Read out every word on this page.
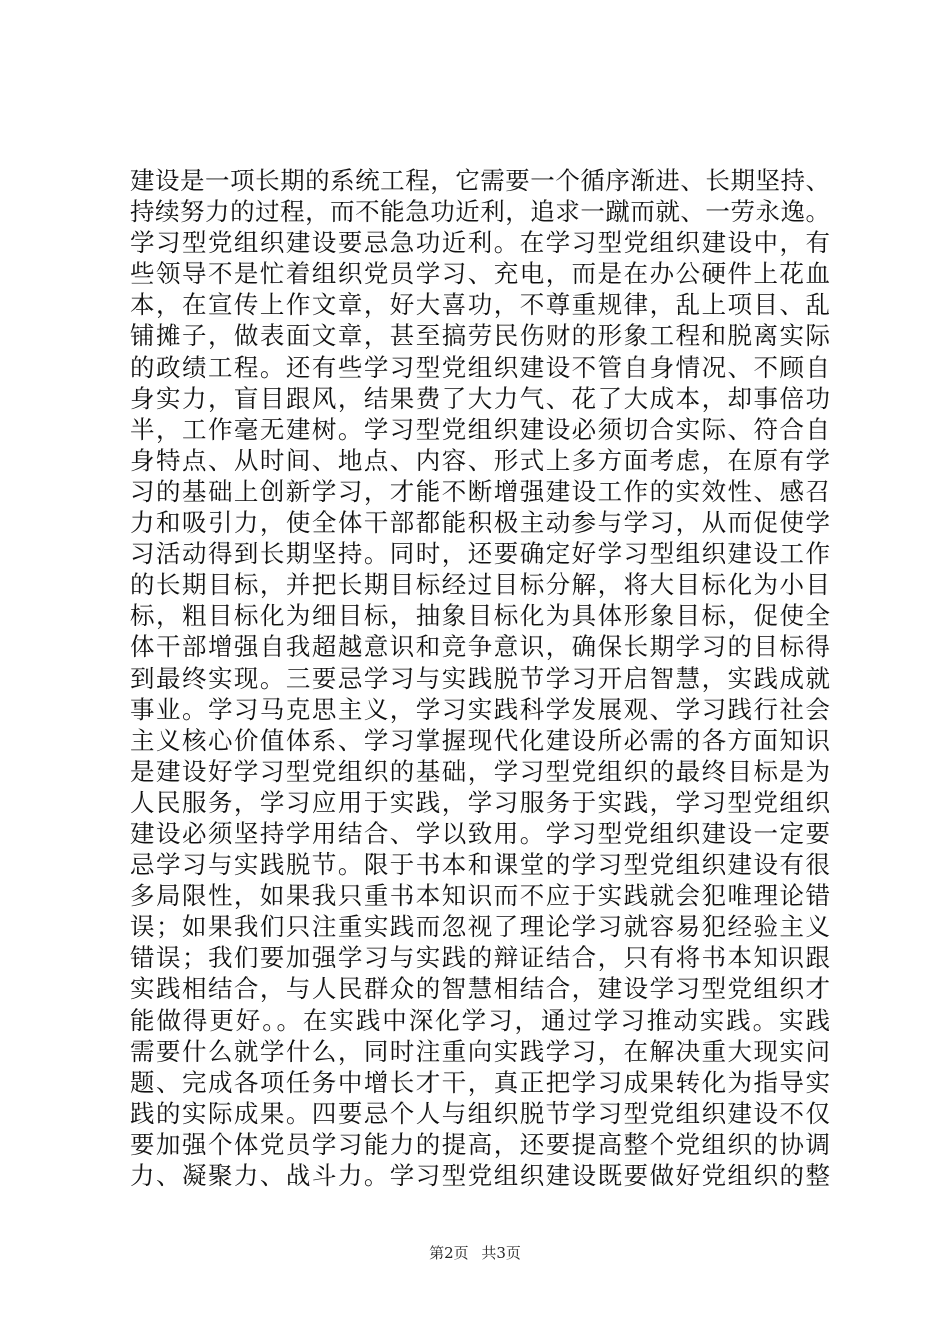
建设是一项长期的系统工程，它需要一个循序渐进、长期坚持、
持续努力的过程，而不能急功近利，追求一蹴而就、一劳永逸。
学习型党组织建设要忌急功近利。在学习型党组织建设中，有
些领导不是忙着组织党员学习、充电，而是在办公硬件上花血
本，在宣传上作文章，好大喜功，不尊重规律，乱上项目、乱
铺摊子，做表面文章，甚至搞劳民伤财的形象工程和脱离实际
的政绩工程。还有些学习型党组织建设不管自身情况、不顾自
身实力，盲目跟风，结果费了大力气、花了大成本，却事倍功
半，工作毫无建树。学习型党组织建设必须切合实际、符合自
身特点、从时间、地点、内容、形式上多方面考虑，在原有学
习的基础上创新学习，才能不断增强建设工作的实效性、感召
力和吸引力，使全体干部都能积极主动参与学习，从而促使学
习活动得到长期坚持。同时，还要确定好学习型组织建设工作
的长期目标，并把长期目标经过目标分解，将大目标化为小目
标，粗目标化为细目标，抽象目标化为具体形象目标，促使全
体干部增强自我超越意识和竞争意识，确保长期学习的目标得
到最终实现。三要忌学习与实践脱节学习开启智慧，实践成就
事业。学习马克思主义，学习实践科学发展观、学习践行社会
主义核心价值体系、学习掌握现代化建设所必需的各方面知识
是建设好学习型党组织的基础，学习型党组织的最终目标是为
人民服务，学习应用于实践，学习服务于实践，学习型党组织
建设必须坚持学用结合、学以致用。学习型党组织建设一定要
忌学习与实践脱节。限于书本和课堂的学习型党组织建设有很
多局限性，如果我只重书本知识而不应于实践就会犯唯理论错
误；如果我们只注重实践而忽视了理论学习就容易犯经验主义
错误；我们要加强学习与实践的辩证结合，只有将书本知识跟
实践相结合，与人民群众的智慧相结合，建设学习型党组织才
能做得更好。。在实践中深化学习，通过学习推动实践。实践
需要什么就学什么，同时注重向实践学习，在解决重大现实问
题、完成各项任务中增长才干，真正把学习成果转化为指导实
践的实际成果。四要忌个人与组织脱节学习型党组织建设不仅
要加强个体党员学习能力的提高，还要提高整个党组织的协调
力、凝聚力、战斗力。学习型党组织建设既要做好党组织的整
第2页 共3页
